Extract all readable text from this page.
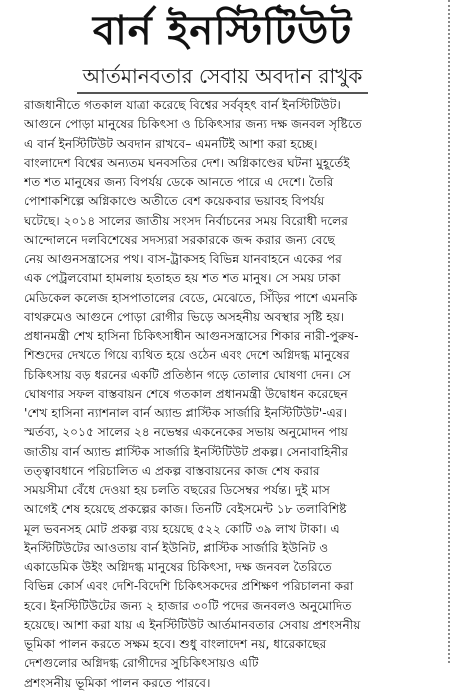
বার্ন ইনস্টিটিউট
আর্তমানবতার সেবায় অবদান রাখুক
রাজধানীতে গতকাল যাত্রা করেছে বিশ্বের সর্ববৃহৎ বার্ন ইনস্টিটিউট।
আগুনে পোড়া মানুষের চিকিৎসা ও চিকিৎসার জন্য দক্ষ জনবল সৃষ্টিতে
এ বার্ন ইনস্টিটিউট অবদান রাখবে– এমনটিই আশা করা হচ্ছে।
বাংলাদেশ বিশ্বের অন্যতম ঘনবসতির দেশ। অগ্নিকাণ্ডের ঘটনা মুহূর্তেই
শত শত মানুষের জন্য বিপর্যয় ডেকে আনতে পারে এ দেশে। তৈরি
পোশাকশিল্পে অগ্নিকাণ্ডে অতীতে বেশ কয়েকবার ভয়াবহ বিপর্যয়
ঘটেছে। ২০১৪ সালের জাতীয় সংসদ নির্বাচনের সময় বিরোধী দলের
আন্দোলনে দলবিশেষের সদস্যরা সরকারকে জব্দ করার জন্য বেছে
নেয় আগুনসন্ত্রাসের পথ। বাস-ট্রাকসহ বিভিন্ন যানবাহনে একের পর
এক পেট্রলবোমা হামলায় হতাহত হয় শত শত মানুষ। সে সময় ঢাকা
মেডিকেল কলেজ হাসপাতালের বেডে, মেঝেতে, সিঁড়ির পাশে এমনকি
বাথরুমেও আগুনে পোড়া রোগীর ভিড়ে অসহনীয় অবস্থার সৃষ্টি হয়।
প্রধানমন্ত্রী শেখ হাসিনা চিকিৎসাধীন আগুনসন্ত্রাসের শিকার নারী-পুরুষ-
শিশুদের দেখতে গিয়ে ব্যথিত হয়ে ওঠেন এবং দেশে অগ্নিদগ্ধ মানুষের
চিকিৎসায় বড় ধরনের একটি প্রতিষ্ঠান গড়ে তোলার ঘোষণা দেন। সে
ঘোষণার সফল বাস্তবায়ন শেষে গতকাল প্রধানমন্ত্রী উদ্বোধন করেছেন
'শেখ হাসিনা ন্যাশনাল বার্ন অ্যান্ড প্লাস্টিক সার্জারি ইনস্টিটিউট'-এর।
স্মর্তব্য, ২০১৫ সালের ২৪ নভেম্বর একনেকের সভায় অনুমোদন পায়
জাতীয় বার্ন অ্যান্ড প্লাস্টিক সার্জারি ইনস্টিটিউট প্রকল্প। সেনাবাহিনীর
তত্ত্বাবধানে পরিচালিত এ প্রকল্প বাস্তবায়নের কাজ শেষ করার
সময়সীমা বেঁধে দেওয়া হয় চলতি বছরের ডিসেম্বর পর্যন্ত। দুই মাস
আগেই শেষ হয়েছে প্রকল্পের কাজ। তিনটি বেইসমেন্ট ১৮ তলাবিশিষ্ট
মূল ভবনসহ মোট প্রকল্প ব্যয় হয়েছে ৫২২ কোটি ৩৯ লাখ টাকা। এ
ইনস্টিটিউটের আওতায় বার্ন ইউনিট, প্লাস্টিক সার্জারি ইউনিট ও
একাডেমিক উইং অগ্নিদগ্ধ মানুষের চিকিৎসা, দক্ষ জনবল তৈরিতে
বিভিন্ন কোর্স এবং দেশি-বিদেশি চিকিৎসকদের প্রশিক্ষণ পরিচালনা করা
হবে। ইনস্টিটিউটের জন্য ২ হাজার ৩০টি পদের জনবলও অনুমোদিত
হয়েছে। আশা করা যায় এ ইনস্টিটিউট আর্তমানবতার সেবায় প্রশংসনীয়
ভূমিকা পালন করতে সক্ষম হবে। শুধু বাংলাদেশ নয়, ধারেকাছের
দেশগুলোর অগ্নিদগ্ধ রোগীদের সুচিকিৎসায়ও এটি
প্রশংসনীয় ভূমিকা পালন করতে পারবে।
